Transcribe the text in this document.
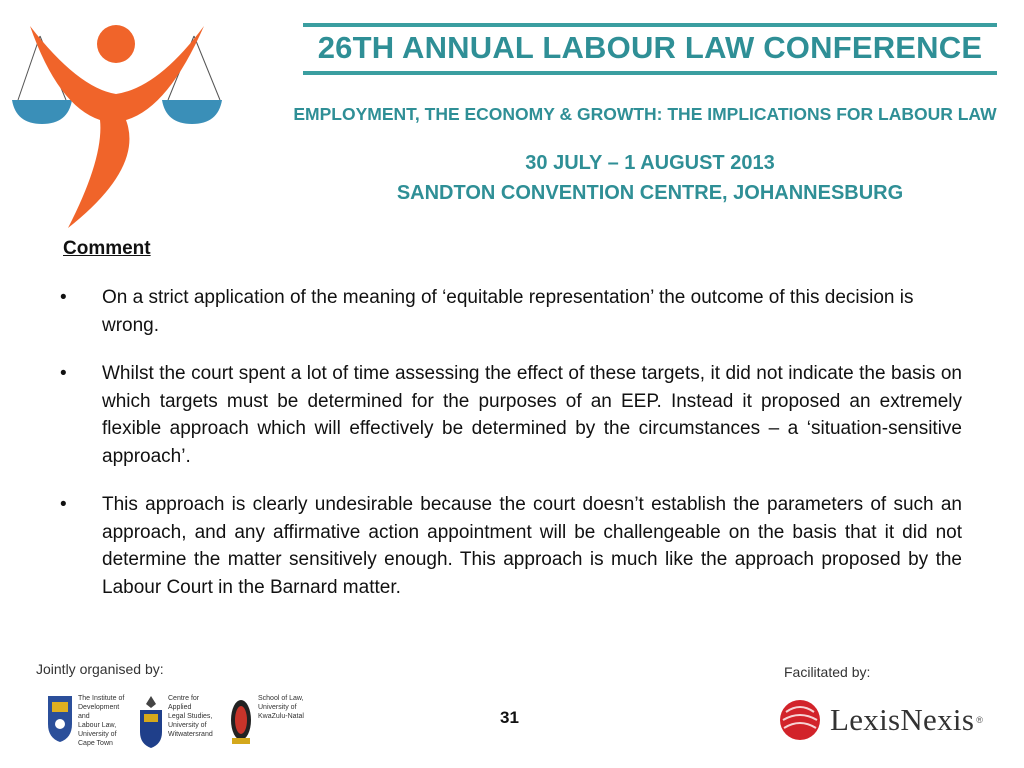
26TH ANNUAL LABOUR LAW CONFERENCE
EMPLOYMENT, THE ECONOMY & GROWTH: THE IMPLICATIONS FOR LABOUR LAW
30 JULY – 1 AUGUST 2013
SANDTON CONVENTION CENTRE, JOHANNESBURG
Comment
•	On a strict application of the meaning of ‘equitable representation’ the outcome of this decision is wrong.
•	Whilst the court spent a lot of time assessing the effect of these targets, it did not indicate the basis on which targets must be determined for the purposes of an EEP. Instead it proposed an extremely flexible approach which will effectively be determined by the circumstances – a ‘situation-sensitive approach’.
•	This approach is clearly undesirable because the court doesn’t establish the parameters of such an approach, and any affirmative action appointment will be challengeable on the basis that it did not determine the matter sensitively enough. This approach is much like the approach proposed by the Labour Court in the Barnard matter.
Jointly organised by:
The Institute of
Development and
Labour Law,
University of
Cape Town
Centre for Applied
Legal Studies,
University of
Witwatersrand
School of Law,
University of
KwaZulu-Natal	31
Facilitated by:
LexisNexis ®
